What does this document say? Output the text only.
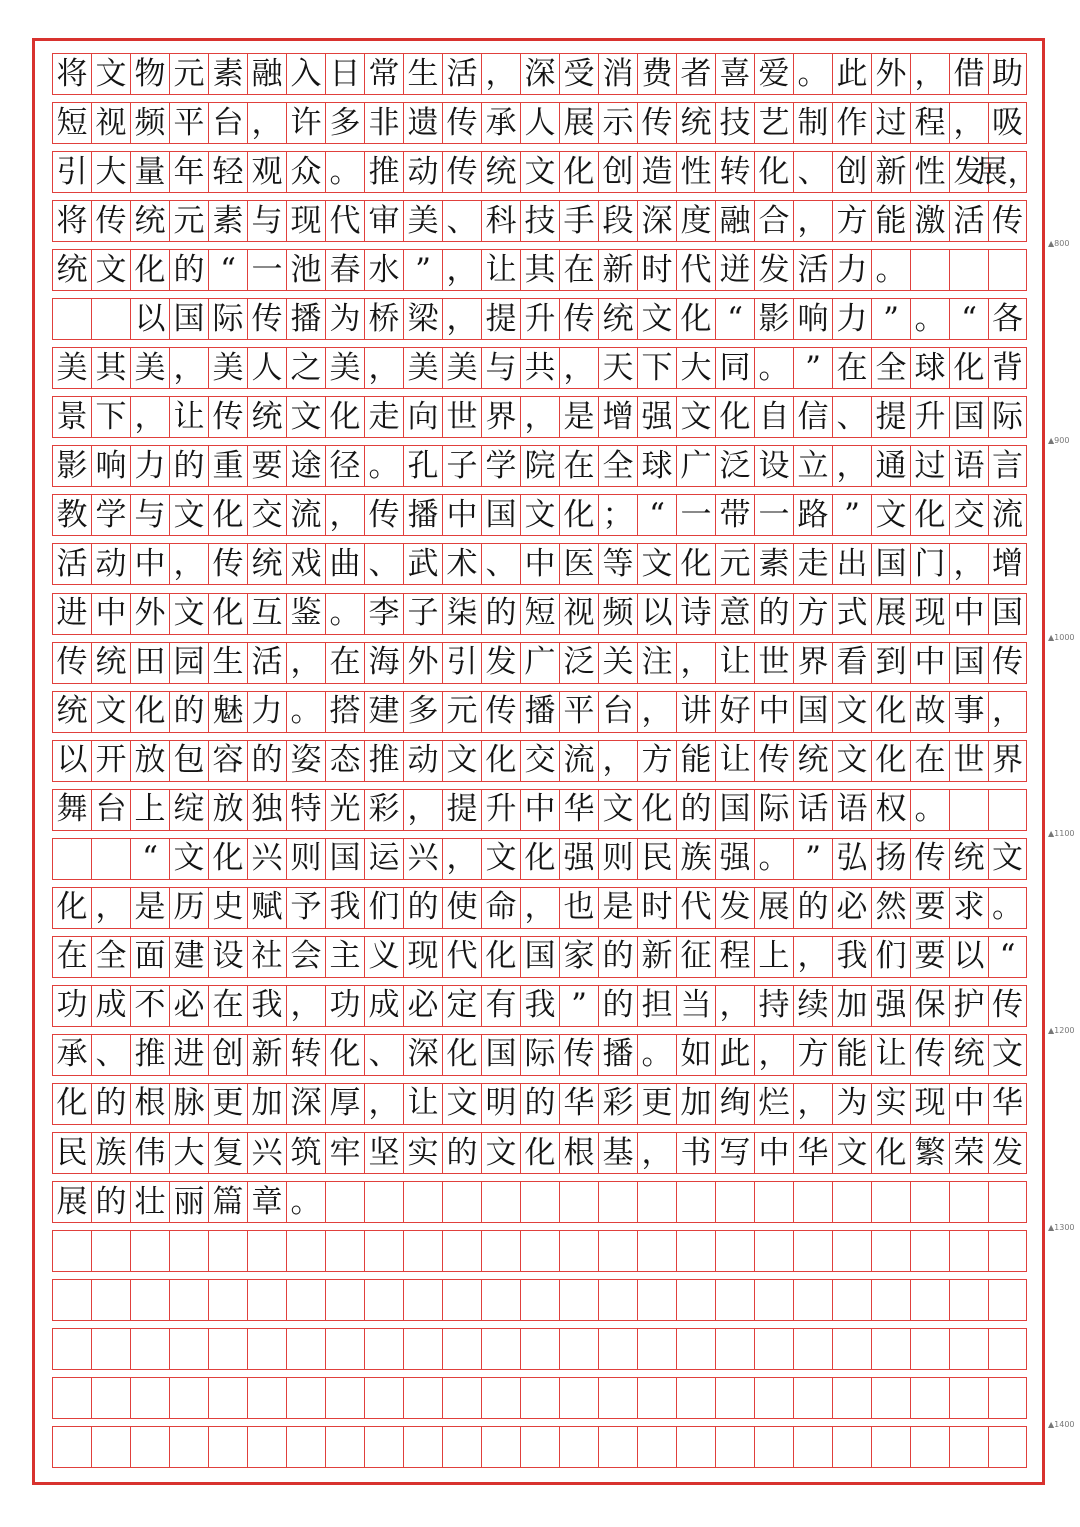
将 文 物 元 素 融 入 日 常 生 活 ， 深 受 消 费 者 喜 爱 。 此 外 ， 借 助
短 视 频 平 台 ， 许 多 非 遗 传 承 人 展 示 传 统 技 艺 制 作 过 程 ， 吸
引 大 量 年 轻 观 众 。 推 动 传 统 文 化 创 造 性 转 化 、 创 新 性 发
展，
将 传 统 元 素 与 现 代 审 美 、 科 技 手 段 深 度 融 合 ， 方 能 激 活 传
统 文 化 的 “ 一 池 春 水 ” ， 让 其 在 新 时 代 迸 发 活 力 。
以 国 际 传 播 为 桥 梁 ， 提 升 传 统 文 化 “ 影 响 力 ” 。 “ 各
美 其 美 ， 美 人 之 美 ， 美 美 与 共 ， 天 下 大 同 。 ” 在 全 球 化 背
景 下 ， 让 传 统 文 化 走 向 世 界 ， 是 增 强 文 化 自 信 、 提 升 国 际
影 响 力 的 重 要 途 径 。 孔 子 学 院 在 全 球 广 泛 设 立 ， 通 过 语 言
教 学 与 文 化 交 流 ， 传 播 中 国 文 化 ； “ 一 带 一 路 ” 文 化 交 流
活 动 中 ， 传 统 戏 曲 、 武 术 、 中 医 等 文 化 元 素 走 出 国 门 ， 增
进 中 外 文 化 互 鉴 。 李 子 柒 的 短 视 频 以 诗 意 的 方 式 展 现 中 国
传 统 田 园 生 活 ， 在 海 外 引 发 广 泛 关 注 ， 让 世 界 看 到 中 国 传
统 文 化 的 魅 力 。 搭 建 多 元 传 播 平 台 ， 讲 好 中 国 文 化 故 事 ，
以 开 放 包 容 的 姿 态 推 动 文 化 交 流 ， 方 能 让 传 统 文 化 在 世 界
舞 台 上 绽 放 独 特 光 彩 ， 提 升 中 华 文 化 的 国 际 话 语 权 。
“ 文 化 兴 则 国 运 兴 ， 文 化 强 则 民 族 强 。 ” 弘 扬 传 统 文
化 ， 是 历 史 赋 予 我 们 的 使 命 ， 也 是 时 代 发 展 的 必 然 要 求 。
在 全 面 建 设 社 会 主 义 现 代 化 国 家 的 新 征 程 上 ， 我 们 要 以 “
功 成 不 必 在 我 ， 功 成 必 定 有 我 ” 的 担 当 ， 持 续 加 强 保 护 传
承 、 推 进 创 新 转 化 、 深 化 国 际 传 播 。 如 此 ， 方 能 让 传 统 文
化 的 根 脉 更 加 深 厚 ， 让 文 明 的 华 彩 更 加 绚 烂 ， 为 实 现 中 华
民 族 伟 大 复 兴 筑 牢 坚 实 的 文 化 根 基 ， 书 写 中 华 文 化 繁 荣 发
展 的 壮 丽 篇 章 。
▲800
▲900
▲1000
▲1100
▲1200
▲1300
▲1400
